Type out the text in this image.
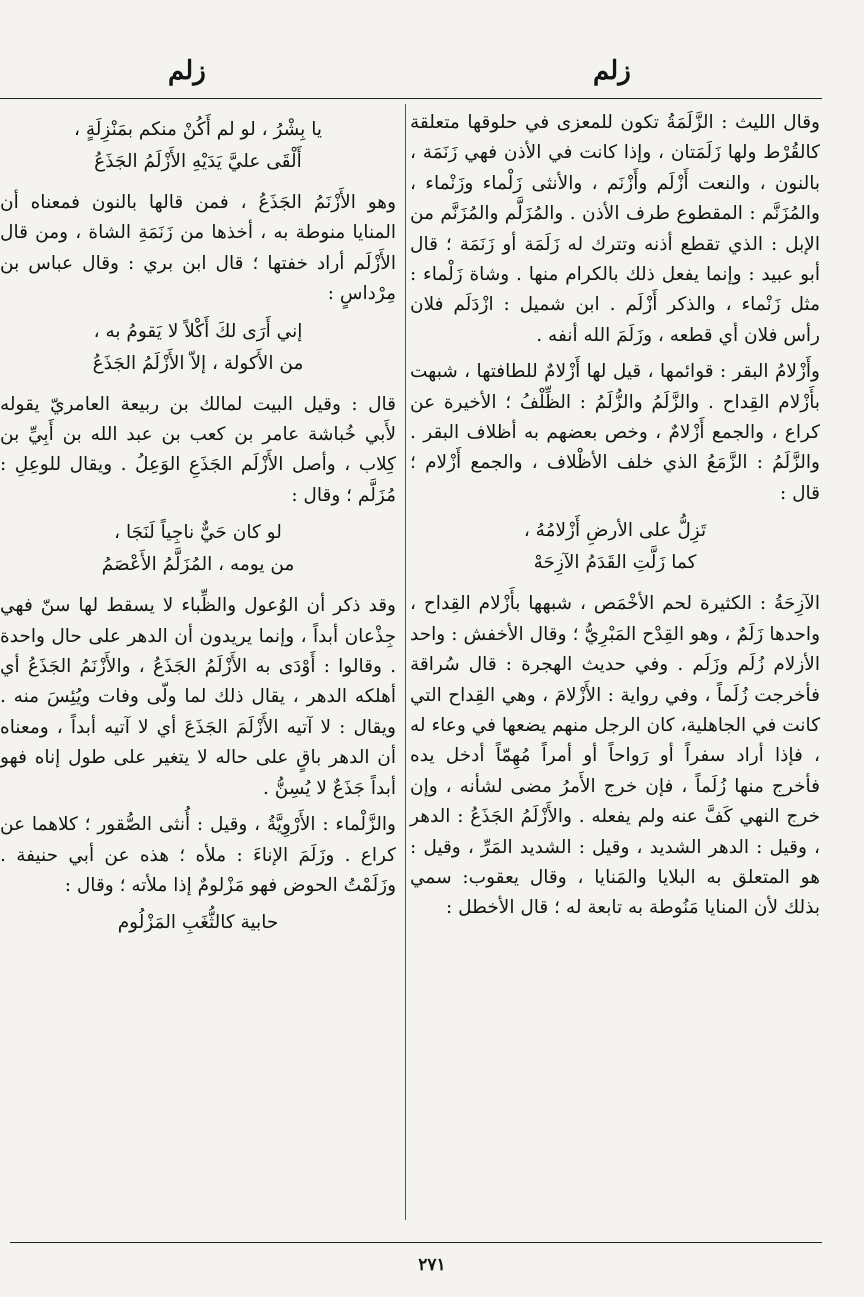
زلم
زلم

وقال الليث : الزَّلَمَةُ تكون للمعزى في حلوقها متعلقة كالقُرْط ولها زَلَمَتان ، وإذا كانت في الأذن فهي زَنَمَة ، بالنون ، والنعت أَزْلَم وأَزْنَم ، والأنثى زَلْماء وزَنْماء ، والمُزَنَّم : المقطوع طرف الأذن . والمُزَلَّم والمُزَنَّم من الإبل : الذي تقطع أذنه وتترك له زَلَمَة أو زَنَمَة ؛ قال أبو عبيد : وإنما يفعل ذلك بالكرام منها . وشاة زَلْماء : مثل زَنْماء ، والذكر أَزْلَم . ابن شميل : ازْدَلَم فلان رأس فلان أي قطعه ، وزَلَمَ الله أنفه .

وأَزْلامُ البقر : قوائمها ، قيل لها أَزْلامٌ للطافتها ، شبهت بأَزْلام القِداح . والزَّلَمُ والزُّلَمُ : الظِّلْفُ ؛ الأخيرة عن كراع ، والجمع أَزْلامٌ ، وخص بعضهم به أظلاف البقر . والزَّلَمُ : الزَّمَعُ الذي خلف الأظْلاف ، والجمع أَزْلام ؛ قال :

تَزِلُّ على الأرضِ أَزْلامُهُ ،
كما زَلَّتِ القَدَمُ الآزِحَهْ

الآزِحَةُ : الكثيرة لحم الأخْمَص ، شبهها بأَزْلام القِداح ، واحدها زَلَمٌ ، وهو القِدْح المَبْرِيُّ ؛ وقال الأخفش : واحد الأزلام زُلَم وزَلَم . وفي حديث الهجرة : قال سُراقة فأخرجت زُلَماً ، وفي رواية : الأَزْلامَ ، وهي القِداح التي كانت في الجاهلية، كان الرجل منهم يضعها في وعاء له ، فإذا أراد سفراً أو رَواحاً أو أمراً مُهِمّاً أدخل يده فأخرج منها زُلَماً ، فإن خرج الأَمرُ مضى لشأنه ، وإن خرج النهي كَفَّ عنه ولم يفعله . والأَزْلَمُ الجَذَعُ : الدهر ، وقيل : الدهر الشديد ، وقيل : الشديد المَرِّ ، وقيل : هو المتعلق به البلايا والمَنايا ، وقال يعقوب: سمي بذلك لأن المنايا مَنُوطة به تابعة له ؛ قال الأخطل :

يا بِشْرُ ، لو لم أَكُنْ منكم بمَنْزِلَةٍ ،
أَلْقَى عليَّ يَدَيْهِ الأَزْلَمُ الجَذَعُ

وهو الأَزْنَمُ الجَذَعُ ، فمن قالها بالنون فمعناه أن المنايا منوطة به ، أخذها من زَنَمَةِ الشاة ، ومن قال الأَزْلَم أراد خفتها ؛ قال ابن بري : وقال عباس بن مِرْداسٍ :

إني أَرَى لكَ أَكْلاً لا يَقومُ به ،
من الأَكولة ، إلاّ الأَزْلَمُ الجَذَعُ

قال : وقيل البيت لمالك بن ربيعة العامريّ يقوله لأَبي خُباشة عامر بن كعب بن عبد الله بن أَبِيِّ بن كِلاب ، وأصل الأَزْلَم الجَذَعِ الوَعِلُ . ويقال للوعِلِ : مُزَلَّم ؛ وقال :

لو كان حَيٌّ ناجِياً لَنَجَا ،
من يومه ، المُزَلَّمُ الأَعْصَمُ

وقد ذكر أن الوُعول والظِّباء لا يسقط لها سنّ فهي جِذْعان أبداً ، وإنما يريدون أن الدهر على حال واحدة . وقالوا : أَوْدَى به الأَزْلَمُ الجَذَعُ ، والأَزْنَمُ الجَذَعُ أي أهلكه الدهر ، يقال ذلك لما ولّى وفات ويُئِسَ منه . ويقال : لا آتيه الأَزْلَمَ الجَذَعَ أي لا آتيه أبداً ، ومعناه أن الدهر باقٍ على حاله لا يتغير على طول إناه فهو أبداً جَذَعٌ لا يُسِنُّ .

والزَّلْماء : الأَرْوِيَّةُ ، وقيل : أُنثى الصُّقور ؛ كلاهما عن كراع . وزَلَمَ الإناءَ : ملأه ؛ هذه عن أبي حنيفة . وزَلَمْتُ الحوض فهو مَزْلومٌ إذا ملأته ؛ وقال :

حابية كالثُّغَبِ المَزْلُوم
٢٧١
